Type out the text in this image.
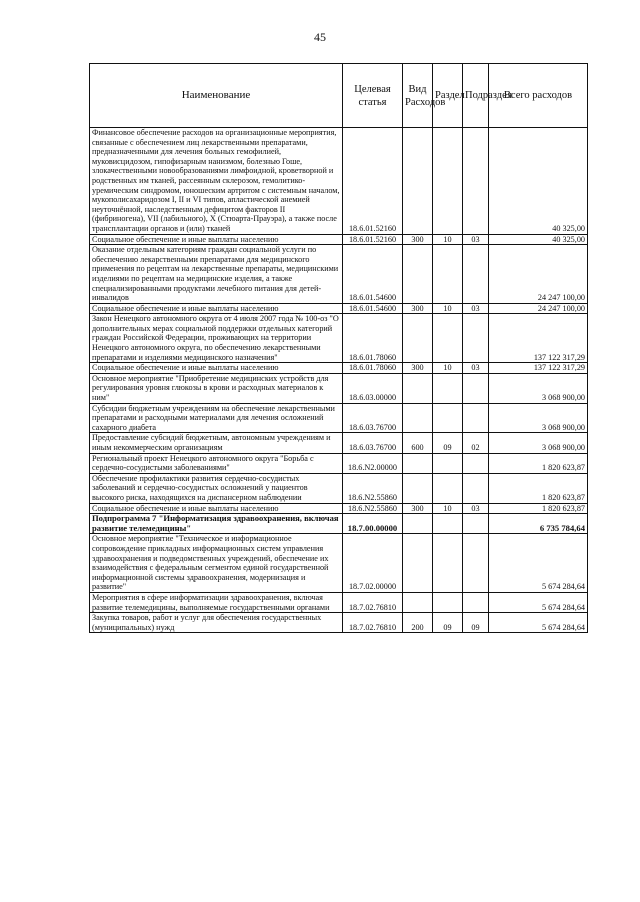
45
Наименование	Целевая статья	Вид Расходов	Раздел	Подраздел	Всего расходов
Финансовое обеспечение расходов на организационные мероприятия, связанные с обеспечением лиц лекарственными препаратами, предназначенными для лечения больных гемофилией, муковисцидозом, гипофизарным нанизмом, болезнью Гоше, злокачественными новообразованиями лимфоидной, кроветворной и родственных им тканей, рассеянным склерозом, гемолитико-уремическим синдромом, юношеским артритом с системным началом, мукополисахаридозом I, II и VI типов, апластической анемией неуточнённой, наследственным дефицитом факторов II (фибриногена), VII (лабильного), X (Стюарта-Прауэра), а также после трансплантации органов и (или) тканей	18.6.01.52160				40 325,00
Социальное обеспечение и иные выплаты населению	18.6.01.52160	300	10	03	40 325,00
Оказание отдельным категориям граждан социальной услуги по обеспечению лекарственными препаратами для медицинского применения по рецептам на лекарственные препараты, медицинскими изделиями по рецептам на медицинские изделия, а также специализированными продуктами лечебного питания для детей-инвалидов	18.6.01.54600				24 247 100,00
Социальное обеспечение и иные выплаты населению	18.6.01.54600	300	10	03	24 247 100,00
Закон Ненецкого автономного округа от 4 июля 2007 года № 100-оз "О дополнительных мерах социальной поддержки отдельных категорий граждан Российской Федерации, проживающих на территории Ненецкого автономного округа, по обеспечению лекарственными препаратами и изделиями медицинского назначения"	18.6.01.78060				137 122 317,29
Социальное обеспечение и иные выплаты населению	18.6.01.78060	300	10	03	137 122 317,29
Основное мероприятие "Приобретение медицинских устройств для регулирования уровня глюкозы в крови и расходных материалов к ним"	18.6.03.00000				3 068 900,00
Субсидии бюджетным учреждениям на обеспечение лекарственными препаратами и расходными материалами для лечения осложнений сахарного диабета	18.6.03.76700				3 068 900,00
Предоставление субсидий бюджетным, автономным учреждениям и иным некоммерческим организациям	18.6.03.76700	600	09	02	3 068 900,00
Региональный проект Ненецкого автономного округа "Борьба с сердечно-сосудистыми заболеваниями"	18.6.N2.00000				1 820 623,87
Обеспечение профилактики развития сердечно-сосудистых заболеваний и сердечно-сосудистых осложнений у пациентов высокого риска, находящихся на диспансерном наблюдении	18.6.N2.55860				1 820 623,87
Социальное обеспечение и иные выплаты населению	18.6.N2.55860	300	10	03	1 820 623,87
Подпрограмма 7 "Информатизация здравоохранения, включая развитие телемедицины"	18.7.00.00000				6 735 784,64
Основное мероприятие "Техническое и информационное сопровождение прикладных информационных систем управления здравоохранения и подведомственных учреждений, обеспечение их взаимодействия с федеральным сегментом единой государственной информационной системы здравоохранения, модернизация и развитие"	18.7.02.00000				5 674 284,64
Мероприятия в сфере информатизации здравоохранения, включая развитие телемедицины, выполняемые государственными органами	18.7.02.76810				5 674 284,64
Закупка товаров, работ и услуг для обеспечения государственных (муниципальных) нужд	18.7.02.76810	200	09	09	5 674 284,64
